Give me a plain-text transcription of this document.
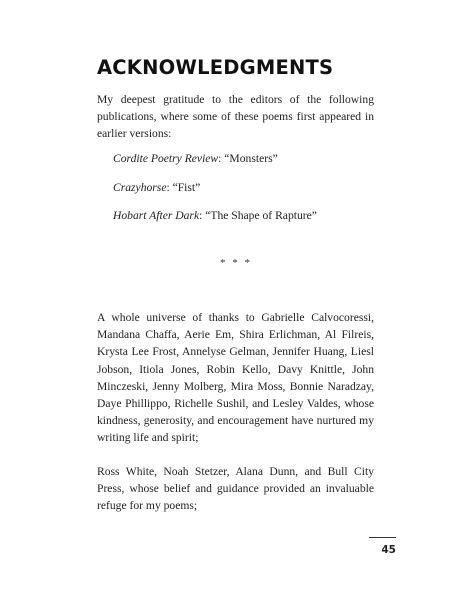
ACKNOWLEDGMENTS

My deepest gratitude to the editors of the following publications, where some of these poems first appeared in earlier versions:

Cordite Poetry Review: “Monsters”

Crazyhorse: “Fist”

Hobart After Dark: “The Shape of Rapture”

* * *

A whole universe of thanks to Gabrielle Calvocoressi, Mandana Chaffa, Aerie Em, Shira Erlichman, Al Filreis, Krysta Lee Frost, Annelyse Gelman, Jennifer Huang, Liesl Jobson, Itiola Jones, Robin Kello, Davy Knittle, John Minczeski, Jenny Molberg, Mira Moss, Bonnie Naradzay, Daye Phillippo, Richelle Sushil, and Lesley Valdes, whose kindness, generosity, and encouragement have nurtured my writing life and spirit;

Ross White, Noah Stetzer, Alana Dunn, and Bull City Press, whose belief and guidance provided an invaluable refuge for my poems;

45
